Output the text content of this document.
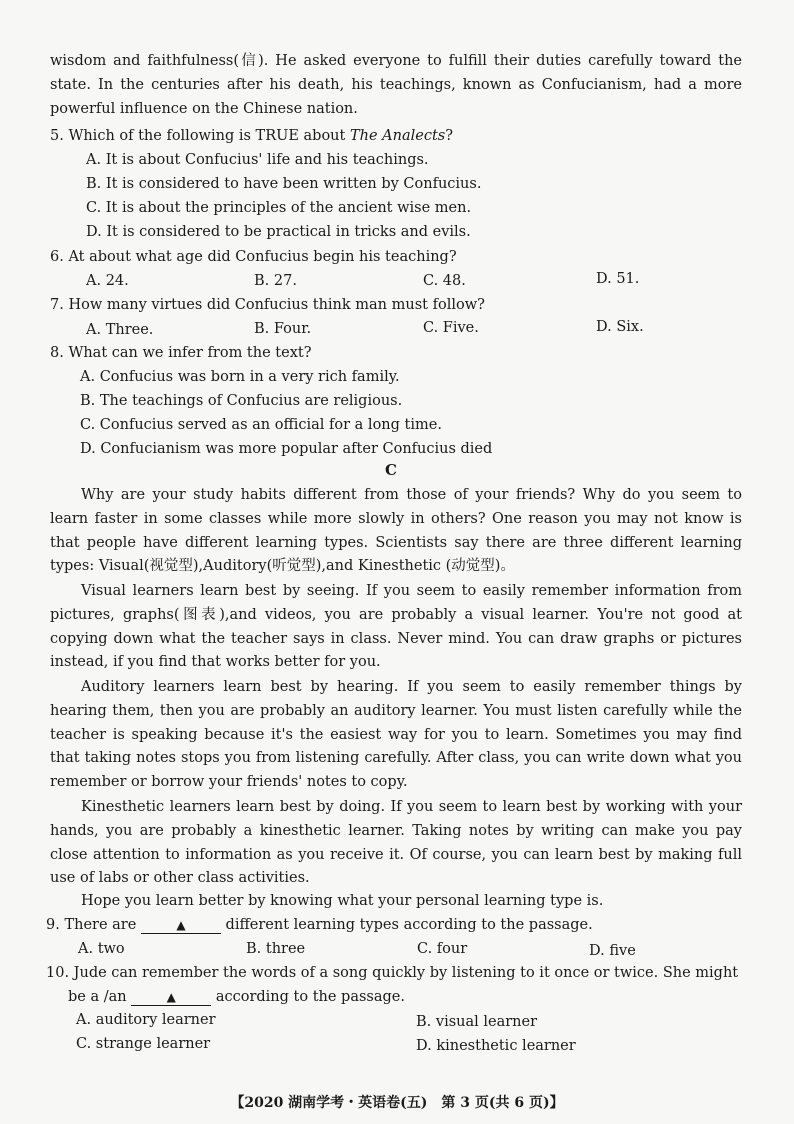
wisdom and faithfulness(信). He asked everyone to fulfill their duties carefully toward the state. In the centuries after his death, his teachings, known as Confucianism, had a more powerful influence on the Chinese nation.
5. Which of the following is TRUE about The Analects?
A. It is about Confucius' life and his teachings.
B. It is considered to have been written by Confucius.
C. It is about the principles of the ancient wise men.
D. It is considered to be practical in tricks and evils.
6. At about what age did Confucius begin his teaching?
A. 24.	B. 27.	C. 48.	D. 51.
7. How many virtues did Confucius think man must follow?
A. Three.	B. Four.	C. Five.	D. Six.
8. What can we infer from the text?
A. Confucius was born in a very rich family.
B. The teachings of Confucius are religious.
C. Confucius served as an official for a long time.
D. Confucianism was more popular after Confucius died
C
Why are your study habits different from those of your friends? Why do you seem to learn faster in some classes while more slowly in others? One reason you may not know is that people have different learning types. Scientists say there are three different learning types: Visual(视觉型),Auditory(听觉型),and Kinesthetic (动觉型)。
Visual learners learn best by seeing. If you seem to easily remember information from pictures, graphs(图表),and videos, you are probably a visual learner. You're not good at copying down what the teacher says in class. Never mind. You can draw graphs or pictures instead, if you find that works better for you.
Auditory learners learn best by hearing. If you seem to easily remember things by hearing them, then you are probably an auditory learner. You must listen carefully while the teacher is speaking because it's the easiest way for you to learn. Sometimes you may find that taking notes stops you from listening carefully. After class, you can write down what you remember or borrow your friends' notes to copy.
Kinesthetic learners learn best by doing. If you seem to learn best by working with your hands, you are probably a kinesthetic learner. Taking notes by writing can make you pay close attention to information as you receive it. Of course, you can learn best by making full use of labs or other class activities.
Hope you learn better by knowing what your personal learning type is.
9. There are	▲	different learning types according to the passage.
A. two	B. three	C. four	D. five
10. Jude can remember the words of a song quickly by listening to it once or twice. She might
be a /an	▲	according to the passage.
A. auditory learner	B. visual learner
C. strange learner	D. kinesthetic learner
【2020 湖南学考・英语卷(五)　第 3 页(共 6 页)】
